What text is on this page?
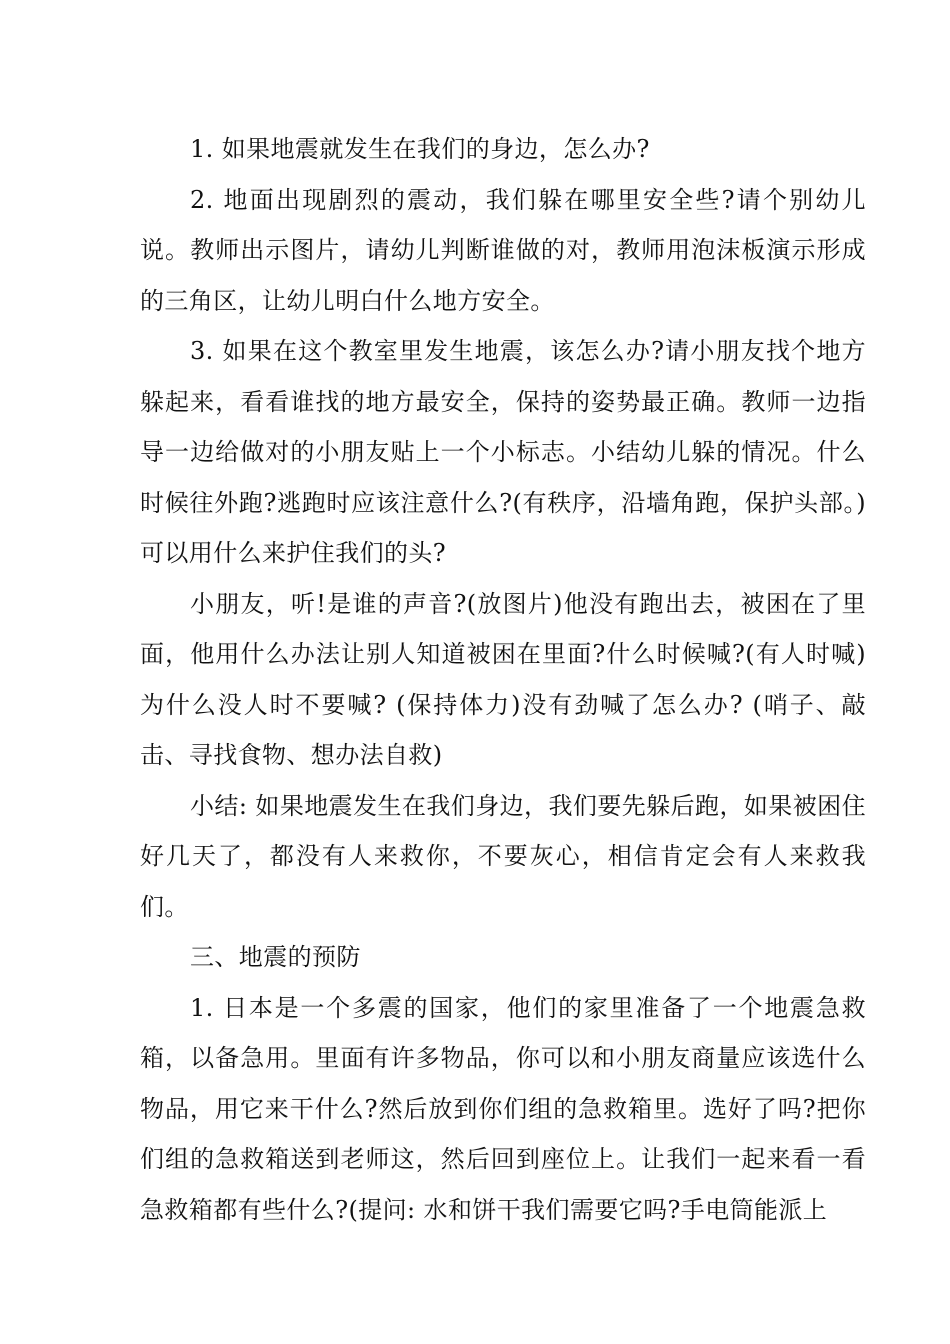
1. 如果地震就发生在我们的身边，怎么办?

2. 地面出现剧烈的震动，我们躲在哪里安全些?请个别幼儿说。教师出示图片，请幼儿判断谁做的对，教师用泡沫板演示形成的三角区，让幼儿明白什么地方安全。

3. 如果在这个教室里发生地震，该怎么办?请小朋友找个地方躲起来，看看谁找的地方最安全，保持的姿势最正确。教师一边指导一边给做对的小朋友贴上一个小标志。小结幼儿躲的情况。什么时候往外跑?逃跑时应该注意什么?(有秩序，沿墙角跑，保护头部。)可以用什么来护住我们的头?

小朋友，听!是谁的声音?(放图片)他没有跑出去，被困在了里面，他用什么办法让别人知道被困在里面?什么时候喊?(有人时喊)为什么没人时不要喊? (保持体力)没有劲喊了怎么办? (哨子、敲击、寻找食物、想办法自救)

小结: 如果地震发生在我们身边，我们要先躲后跑，如果被困住好几天了，都没有人来救你，不要灰心，相信肯定会有人来救我们。

三、地震的预防

1. 日本是一个多震的国家，他们的家里准备了一个地震急救箱，以备急用。里面有许多物品，你可以和小朋友商量应该选什么物品，用它来干什么?然后放到你们组的急救箱里。选好了吗?把你们组的急救箱送到老师这，然后回到座位上。让我们一起来看一看急救箱都有些什么?(提问: 水和饼干我们需要它吗?手电筒能派上
